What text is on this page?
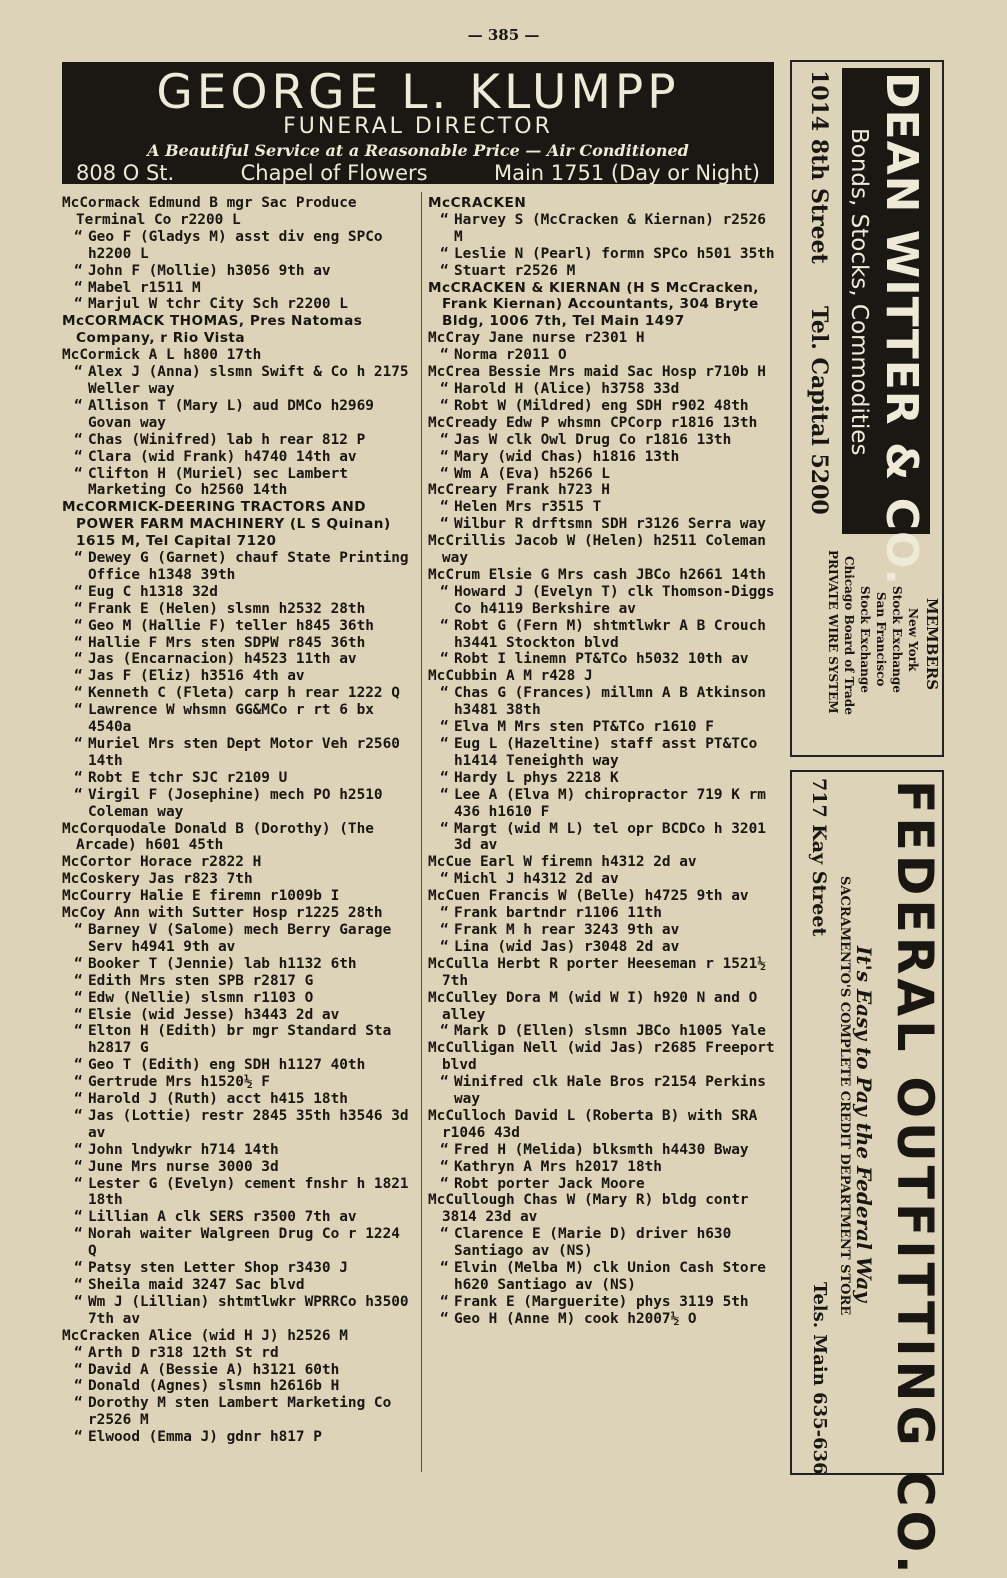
— 385 —
GEORGE L. KLUMPP
FUNERAL DIRECTOR
A Beautiful Service at a Reasonable Price — Air Conditioned
808 O St.	Chapel of Flowers	Main 1751 (Day or Night)
McCormack Edmund B mgr Sac Produce Terminal Co r2200 L
“ Geo F (Gladys M) asst div eng SPCo h2200 L
“ John F (Mollie) h3056 9th av
“ Mabel r1511 M
“ Marjul W tchr City Sch r2200 L
McCORMACK THOMAS, Pres Natomas Company, r Rio Vista
McCormick A L h800 17th
“ Alex J (Anna) slsmn Swift & Co h 2175 Weller way
“ Allison T (Mary L) aud DMCo h2969 Govan way
“ Chas (Winifred) lab h rear 812 P
“ Clara (wid Frank) h4740 14th av
“ Clifton H (Muriel) sec Lambert Marketing Co h2560 14th
McCORMICK-DEERING TRACTORS AND POWER FARM MACHINERY (L S Quinan) 1615 M, Tel Capital 7120
“ Dewey G (Garnet) chauf State Printing Office h1348 39th
“ Eug C h1318 32d
“ Frank E (Helen) slsmn h2532 28th
“ Geo M (Hallie F) teller h845 36th
“ Hallie F Mrs sten SDPW r845 36th
“ Jas (Encarnacion) h4523 11th av
“ Jas F (Eliz) h3516 4th av
“ Kenneth C (Fleta) carp h rear 1222 Q
“ Lawrence W whsmn GG&MCo r rt 6 bx 4540a
“ Muriel Mrs sten Dept Motor Veh r2560 14th
“ Robt E tchr SJC r2109 U
“ Virgil F (Josephine) mech PO h2510 Coleman way
McCorquodale Donald B (Dorothy) (The Arcade) h601 45th
McCortor Horace r2822 H
McCoskery Jas r823 7th
McCourry Halie E firemn r1009b I
McCoy Ann with Sutter Hosp r1225 28th
“ Barney V (Salome) mech Berry Garage Serv h4941 9th av
“ Booker T (Jennie) lab h1132 6th
“ Edith Mrs sten SPB r2817 G
“ Edw (Nellie) slsmn r1103 O
“ Elsie (wid Jesse) h3443 2d av
“ Elton H (Edith) br mgr Standard Sta h2817 G
“ Geo T (Edith) eng SDH h1127 40th
“ Gertrude Mrs h1520½ F
“ Harold J (Ruth) acct h415 18th
“ Jas (Lottie) restr 2845 35th h3546 3d av
“ John lndywkr h714 14th
“ June Mrs nurse 3000 3d
“ Lester G (Evelyn) cement fnshr h 1821 18th
“ Lillian A clk SERS r3500 7th av
“ Norah waiter Walgreen Drug Co r 1224 Q
“ Patsy sten Letter Shop r3430 J
“ Sheila maid 3247 Sac blvd
“ Wm J (Lillian) shtmtlwkr WPRRCo h3500 7th av
McCracken Alice (wid H J) h2526 M
“ Arth D r318 12th St rd
“ David A (Bessie A) h3121 60th
“ Donald (Agnes) slsmn h2616b H
“ Dorothy M sten Lambert Marketing Co r2526 M
“ Elwood (Emma J) gdnr h817 P
McCRACKEN
“ Harvey S (McCracken & Kiernan) r2526 M
“ Leslie N (Pearl) formn SPCo h501 35th
“ Stuart r2526 M
McCRACKEN & KIERNAN (H S McCracken, Frank Kiernan) Accountants, 304 Bryte Bldg, 1006 7th, Tel Main 1497
McCray Jane nurse r2301 H
“ Norma r2011 O
McCrea Bessie Mrs maid Sac Hosp r710b H
“ Harold H (Alice) h3758 33d
“ Robt W (Mildred) eng SDH r902 48th
McCready Edw P whsmn CPCorp r1816 13th
“ Jas W clk Owl Drug Co r1816 13th
“ Mary (wid Chas) h1816 13th
“ Wm A (Eva) h5266 L
McCreary Frank h723 H
“ Helen Mrs r3515 T
“ Wilbur R drftsmn SDH r3126 Serra way
McCrillis Jacob W (Helen) h2511 Coleman way
McCrum Elsie G Mrs cash JBCo h2661 14th
“ Howard J (Evelyn T) clk Thomson-Diggs Co h4119 Berkshire av
“ Robt G (Fern M) shtmtlwkr A B Crouch h3441 Stockton blvd
“ Robt I linemn PT&TCo h5032 10th av
McCubbin A M r428 J
“ Chas G (Frances) millmn A B Atkinson h3481 38th
“ Elva M Mrs sten PT&TCo r1610 F
“ Eug L (Hazeltine) staff asst PT&TCo h1414 Teneighth way
“ Hardy L phys 2218 K
“ Lee A (Elva M) chiropractor 719 K rm 436 h1610 F
“ Margt (wid M L) tel opr BCDCo h 3201 3d av
McCue Earl W firemn h4312 2d av
“ Michl J h4312 2d av
McCuen Francis W (Belle) h4725 9th av
“ Frank bartndr r1106 11th
“ Frank M h rear 3243 9th av
“ Lina (wid Jas) r3048 2d av
McCulla Herbt R porter Heeseman r 1521½ 7th
McCulley Dora M (wid W I) h920 N and O alley
“ Mark D (Ellen) slsmn JBCo h1005 Yale
McCulligan Nell (wid Jas) r2685 Freeport blvd
“ Winifred clk Hale Bros r2154 Perkins way
McCulloch David L (Roberta B) with SRA r1046 43d
“ Fred H (Melida) blksmth h4430 Bway
“ Kathryn A Mrs h2017 18th
“ Robt porter Jack Moore
McCullough Chas W (Mary R) bldg contr 3814 23d av
“ Clarence E (Marie D) driver h630 Santiago av (NS)
“ Elvin (Melba M) clk Union Cash Store h620 Santiago av (NS)
“ Frank E (Marguerite) phys 3119 5th
“ Geo H (Anne M) cook h2007½ O
DEAN WITTER & CO.
Bonds, Stocks, Commodities
1014 8th Street
Tel. Capital 5200
MEMBERS
New York
Stock Exchange
San Francisco
Stock Exchange
Chicago Board of Trade
PRIVATE WIRE SYSTEM
FEDERAL OUTFITTING CO.
It's Easy to Pay the Federal Way
SACRAMENTO'S COMPLETE CREDIT DEPARTMENT STORE
717 Kay Street
Tels. Main 635-636
